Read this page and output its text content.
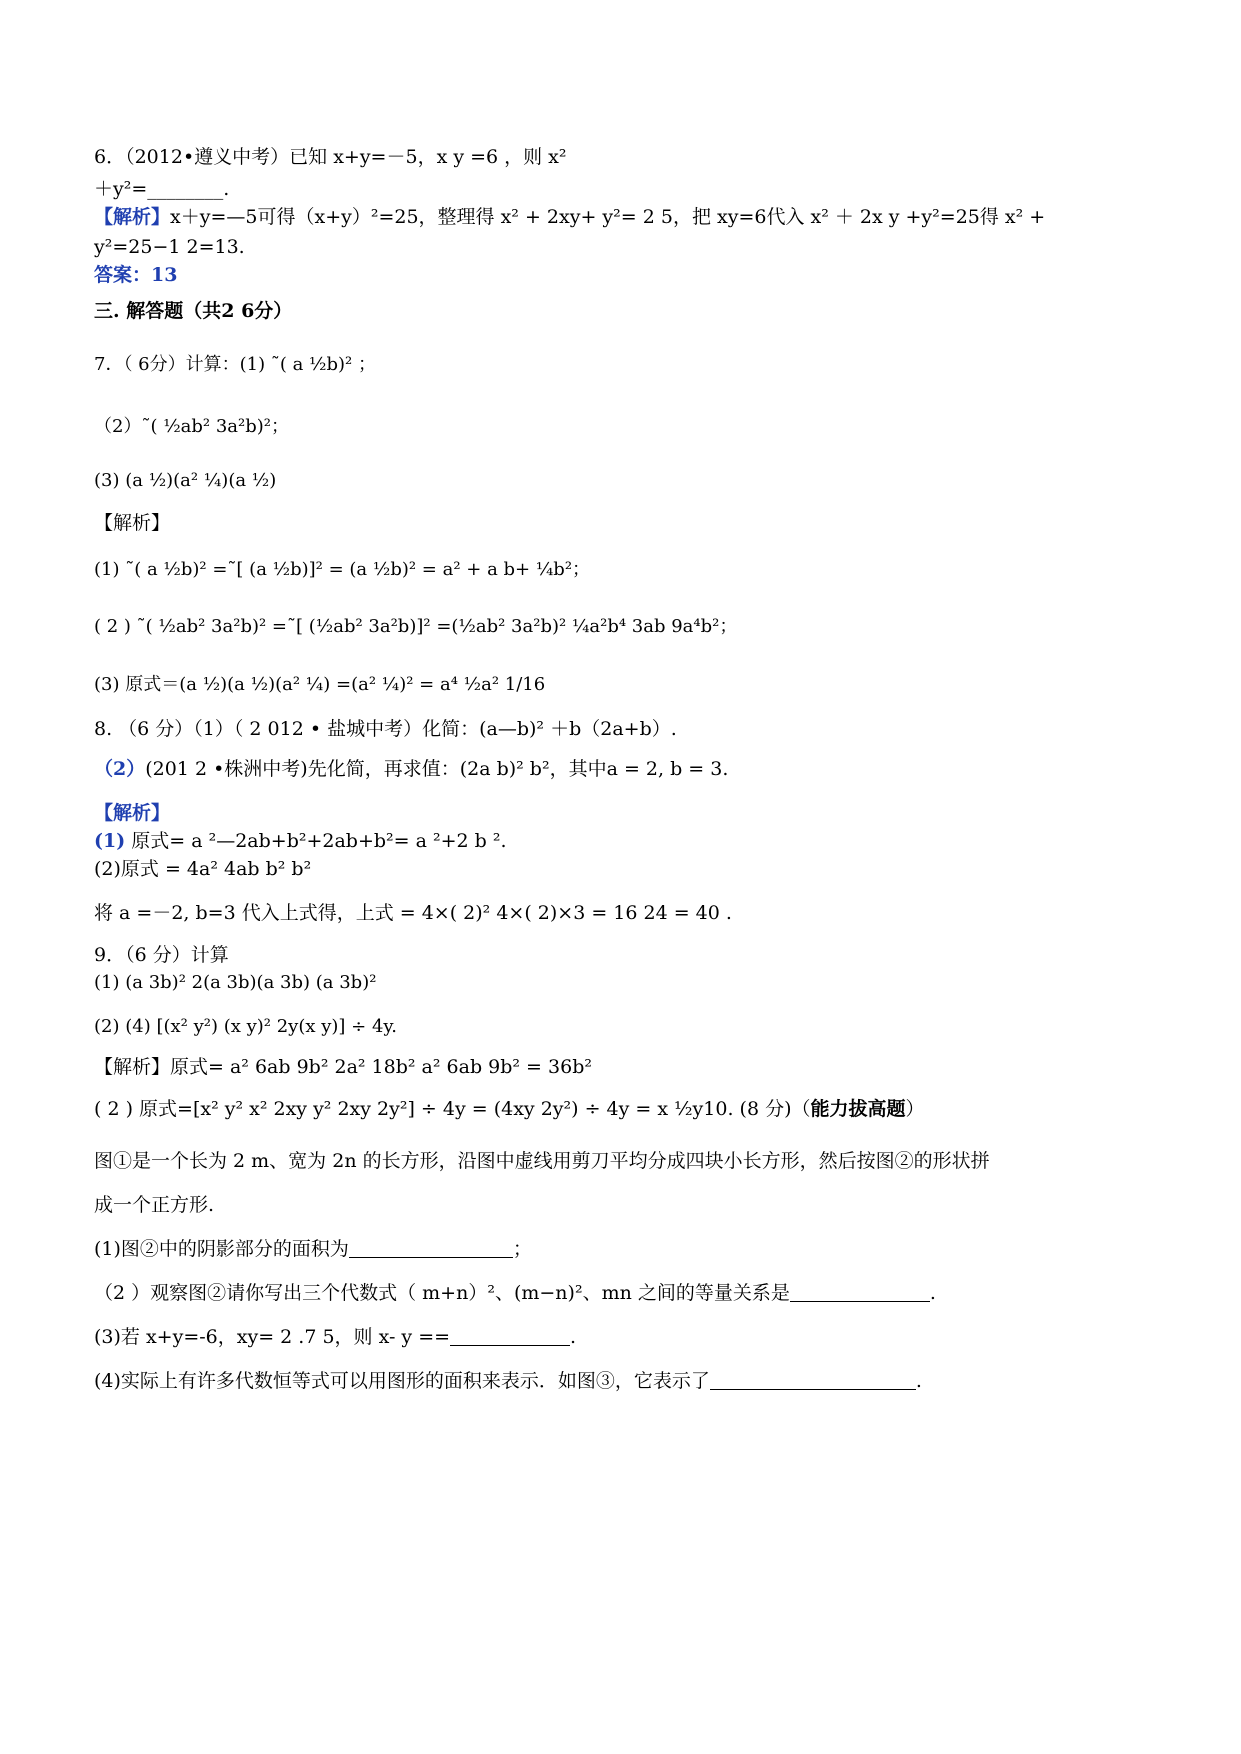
6．（2012•遵义中考）已知 x+y=－5，x y =6 ，则 x²
＋y²=________.
【解析】x＋y=—5可得（x+y）²=25，整理得 x² + 2xy+ y²= 2 5，把 xy=6代入 x² ＋ 2x y +y²=25得 x² +
y²=25−1 2=13.
答案：13
三. 解答题（共2 6分）
7．（ 6分）计算：(1) ˜( a ½b)² ；
（2）˜( ½ab² 3a²b)²；
(3) (a ½)(a² ¼)(a ½)
【解析】
(1) ˜( a ½b)² =˜[ (a ½b)]² = (a ½b)² = a² + a b+ ¼b²；
( 2 ) ˜( ½ab² 3a²b)² =˜[ (½ab² 3a²b)]² =(½ab² 3a²b)² ¼a²b⁴ 3ab 9a⁴b²；
(3) 原式＝(a ½)(a ½)(a² ¼) =(a² ¼)² = a⁴ ½a² 1/16
8. （6 分）（1）（ 2 012 • 盐城中考）化简：(a—b)² ＋b（2a+b）.
（2）(201 2 •株洲中考)先化简，再求值：(2a b)² b²，其中a = 2, b = 3.
【解析】
(1) 原式= a ²—2ab+b²+2ab+b²= a ²+2 b ².
(2)原式 = 4a² 4ab b² b²
将 a =－2, b=3 代入上式得，上式 = 4×( 2)² 4×( 2)×3 = 16 24 = 40 .
9．（6 分）计算
(1) (a 3b)² 2(a 3b)(a 3b) (a 3b)²
(2) (4) [(x² y²) (x y)² 2y(x y)] ÷ 4y.
【解析】原式= a² 6ab 9b² 2a² 18b² a² 6ab 9b² = 36b²
( 2 ) 原式=[x² y² x² 2xy y² 2xy 2y²] ÷ 4y = (4xy 2y²) ÷ 4y = x ½y10. (8 分)（能力拔高题）
图①是一个长为 2 m、宽为 2n 的长方形，沿图中虚线用剪刀平均分成四块小长方形，然后按图②的形状拼
成一个正方形.
(1)图②中的阴影部分的面积为	；
（2 ）观察图②请你写出三个代数式（ m+n）²、(m−n)²、mn 之间的等量关系是	.
(3)若 x+y=-6，xy= 2 .7 5，则 x- y ==	.
(4)实际上有许多代数恒等式可以用图形的面积来表示．如图③，它表示了	.
